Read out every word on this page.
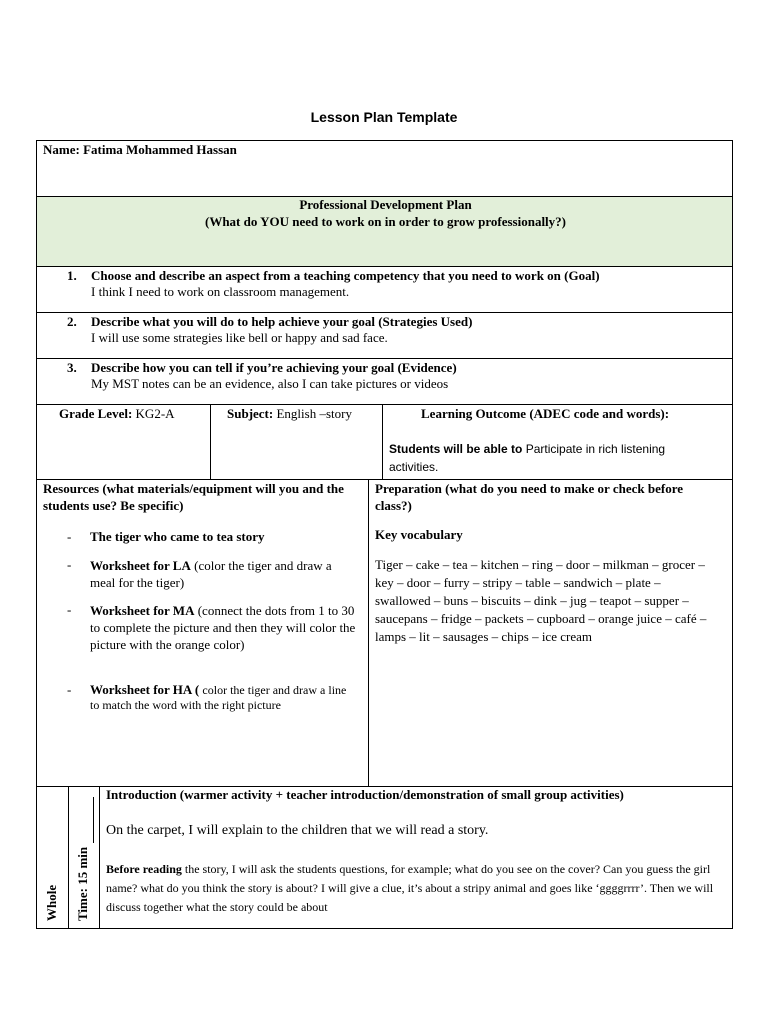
Lesson Plan Template
Name: Fatima Mohammed Hassan
Professional Development Plan
(What do YOU need to work on in order to grow professionally?)
1. Choose and describe an aspect from a teaching competency that you need to work on (Goal)
I think I need to work on classroom management.
2. Describe what you will do to help achieve your goal (Strategies Used)
I will use some strategies like bell or happy and sad face.
3. Describe how you can tell if you’re achieving your goal (Evidence)
My MST notes can be an evidence, also I can take pictures or videos
Grade Level: KG2-A	Subject: English –story	Learning Outcome (ADEC code and words):
Students will be able to Participate in rich listening activities.
Resources (what materials/equipment will you and the students use? Be specific)
- The tiger who came to tea story
- Worksheet for LA (color the tiger and draw a meal for the tiger)
- Worksheet for MA (connect the dots from 1 to 30 to complete the picture and then they will color the picture with the orange color)
- Worksheet for HA ( color the tiger and draw a line to match the word with the right picture
Preparation (what do you need to make or check before class?)
Key vocabulary
Tiger – cake – tea – kitchen – ring – door – milkman – grocer – key – door – furry – stripy – table – sandwich – plate – swallowed – buns – biscuits – dink – jug – teapot – supper – saucepans – fridge – packets – cupboard – orange juice – café – lamps – lit – sausages – chips – ice cream
Whole Time: 15 min
Introduction (warmer activity + teacher introduction/demonstration of small group activities)
On the carpet, I will explain to the children that we will read a story.
Before reading the story, I will ask the students questions, for example; what do you see on the cover? Can you guess the girl name? what do you think the story is about? I will give a clue, it’s about a stripy animal and goes like ‘ggggrrrr’. Then we will discuss together what the story could be about
